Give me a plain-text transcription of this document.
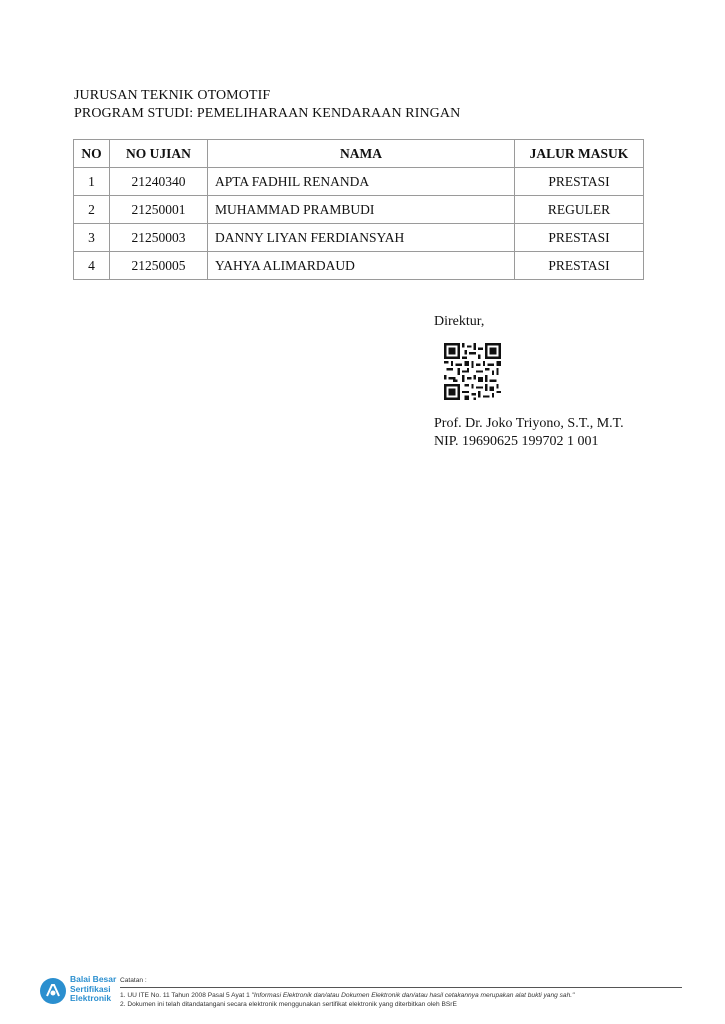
JURUSAN TEKNIK OTOMOTIF
PROGRAM STUDI: PEMELIHARAAN KENDARAAN RINGAN
NO	NO UJIAN	NAMA	JALUR MASUK
1	21240340	APTA FADHIL RENANDA	PRESTASI
2	21250001	MUHAMMAD PRAMBUDI	REGULER
3	21250003	DANNY LIYAN FERDIANSYAH	PRESTASI
4	21250005	YAHYA ALIMARDAUD	PRESTASI
Direktur,
Prof. Dr. Joko Triyono, S.T., M.T.
NIP. 19690625 199702 1 001
Balai Besar
Sertifikasi
Elektronik
Catatan :
1. UU ITE No. 11 Tahun 2008 Pasal 5 Ayat 1 "Informasi Elektronik dan/atau Dokumen Elektronik dan/atau hasil cetakannya merupakan alat bukti yang sah."
2. Dokumen ini telah ditandatangani secara elektronik menggunakan sertifikat elektronik yang diterbitkan oleh BSrE
